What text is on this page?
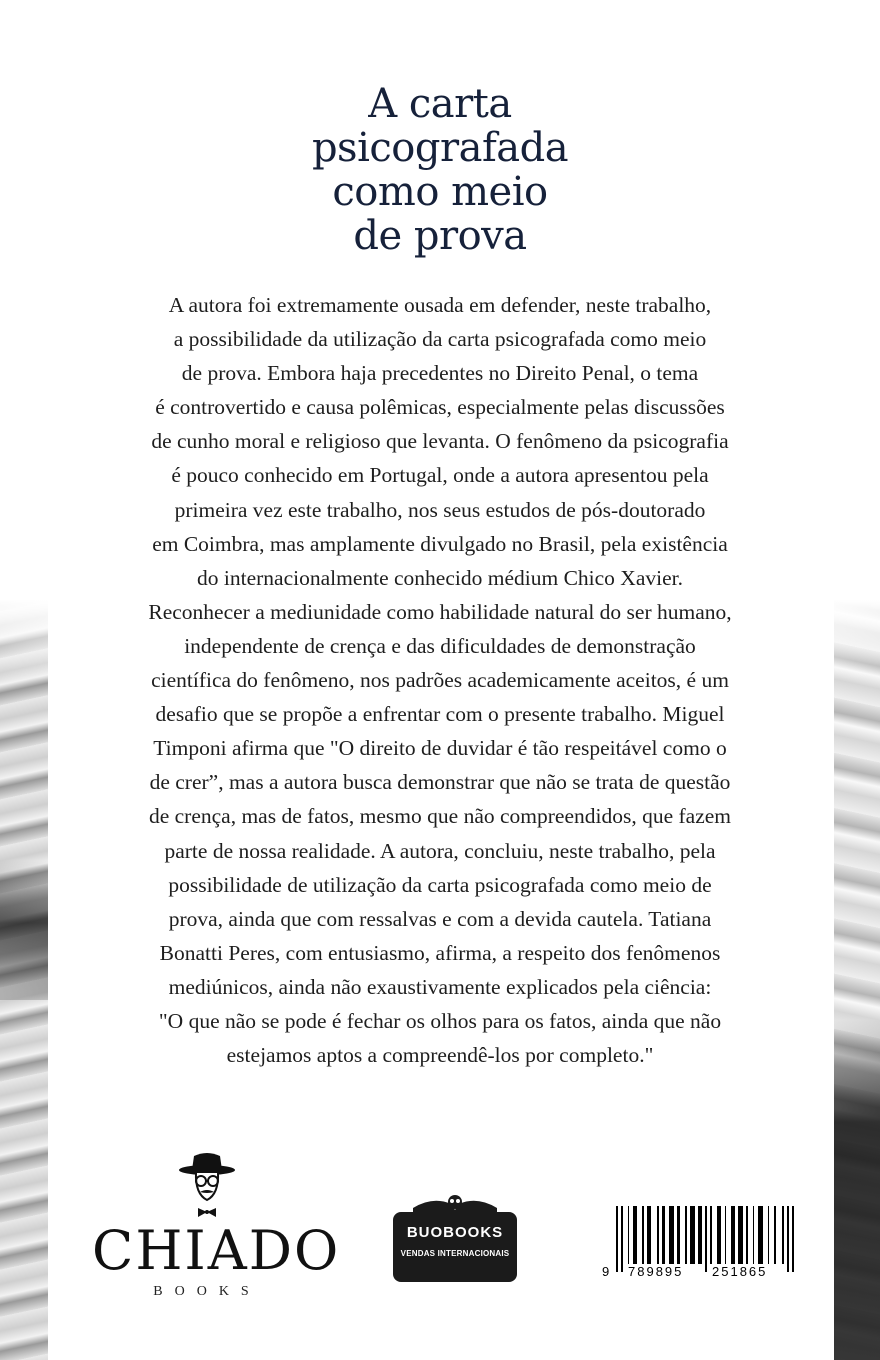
A carta
psicografada
como meio
de prova
A autora foi extremamente ousada em defender, neste trabalho,
a possibilidade da utilização da carta psicografada como meio
de prova. Embora haja precedentes no Direito Penal, o tema
é controvertido e causa polêmicas, especialmente pelas discussões
de cunho moral e religioso que levanta. O fenômeno da psicografia
é pouco conhecido em Portugal, onde a autora apresentou pela
primeira vez este trabalho, nos seus estudos de pós-doutorado
em Coimbra, mas amplamente divulgado no Brasil, pela existência
do internacionalmente conhecido médium Chico Xavier.
Reconhecer a mediunidade como habilidade natural do ser humano,
independente de crença e das dificuldades de demonstração
científica do fenômeno, nos padrões academicamente aceitos, é um
desafio que se propõe a enfrentar com o presente trabalho. Miguel
Timponi afirma que "O direito de duvidar é tão respeitável como o
de crer”, mas a autora busca demonstrar que não se trata de questão
de crença, mas de fatos, mesmo que não compreendidos, que fazem
parte de nossa realidade. A autora, concluiu, neste trabalho, pela
possibilidade de utilização da carta psicografada como meio de
prova, ainda que com ressalvas e com a devida cautela. Tatiana
Bonatti Peres, com entusiasmo, afirma, a respeito dos fenômenos
mediúnicos, ainda não exaustivamente explicados pela ciência:
"O que não se pode é fechar os olhos para os fatos, ainda que não
estejamos aptos a compreendê-los por completo."
CHIADO
BOOKS
BUOBOOKS
VENDAS INTERNACIONAIS
9 789895 251865
